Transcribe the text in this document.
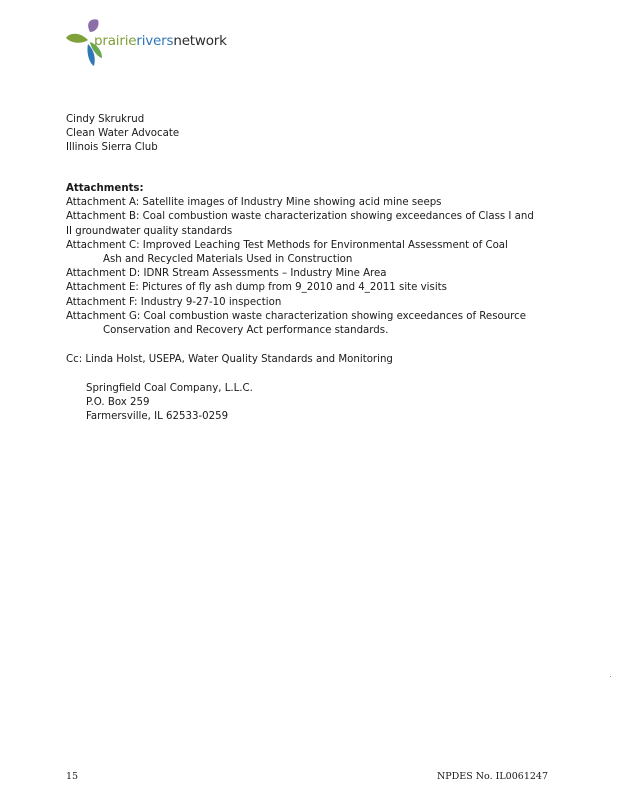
prairieriversnetwork
Cindy Skrukrud
Clean Water Advocate
Illinois Sierra Club
Attachments:
Attachment A: Satellite images of Industry Mine showing acid mine seeps
Attachment B: Coal combustion waste characterization showing exceedances of Class I and
II groundwater quality standards
Attachment C: Improved Leaching Test Methods for Environmental Assessment of Coal
Ash and Recycled Materials Used in Construction
Attachment D: IDNR Stream Assessments – Industry Mine Area
Attachment E: Pictures of fly ash dump from 9_2010 and 4_2011 site visits
Attachment F: Industry 9-27-10 inspection
Attachment G: Coal combustion waste characterization showing exceedances of Resource
Conservation and Recovery Act performance standards.
Cc: Linda Holst, USEPA, Water Quality Standards and Monitoring
Springfield Coal Company, L.L.C.
P.O. Box 259
Farmersville, IL 62533-0259
15	NPDES No. IL0061247
